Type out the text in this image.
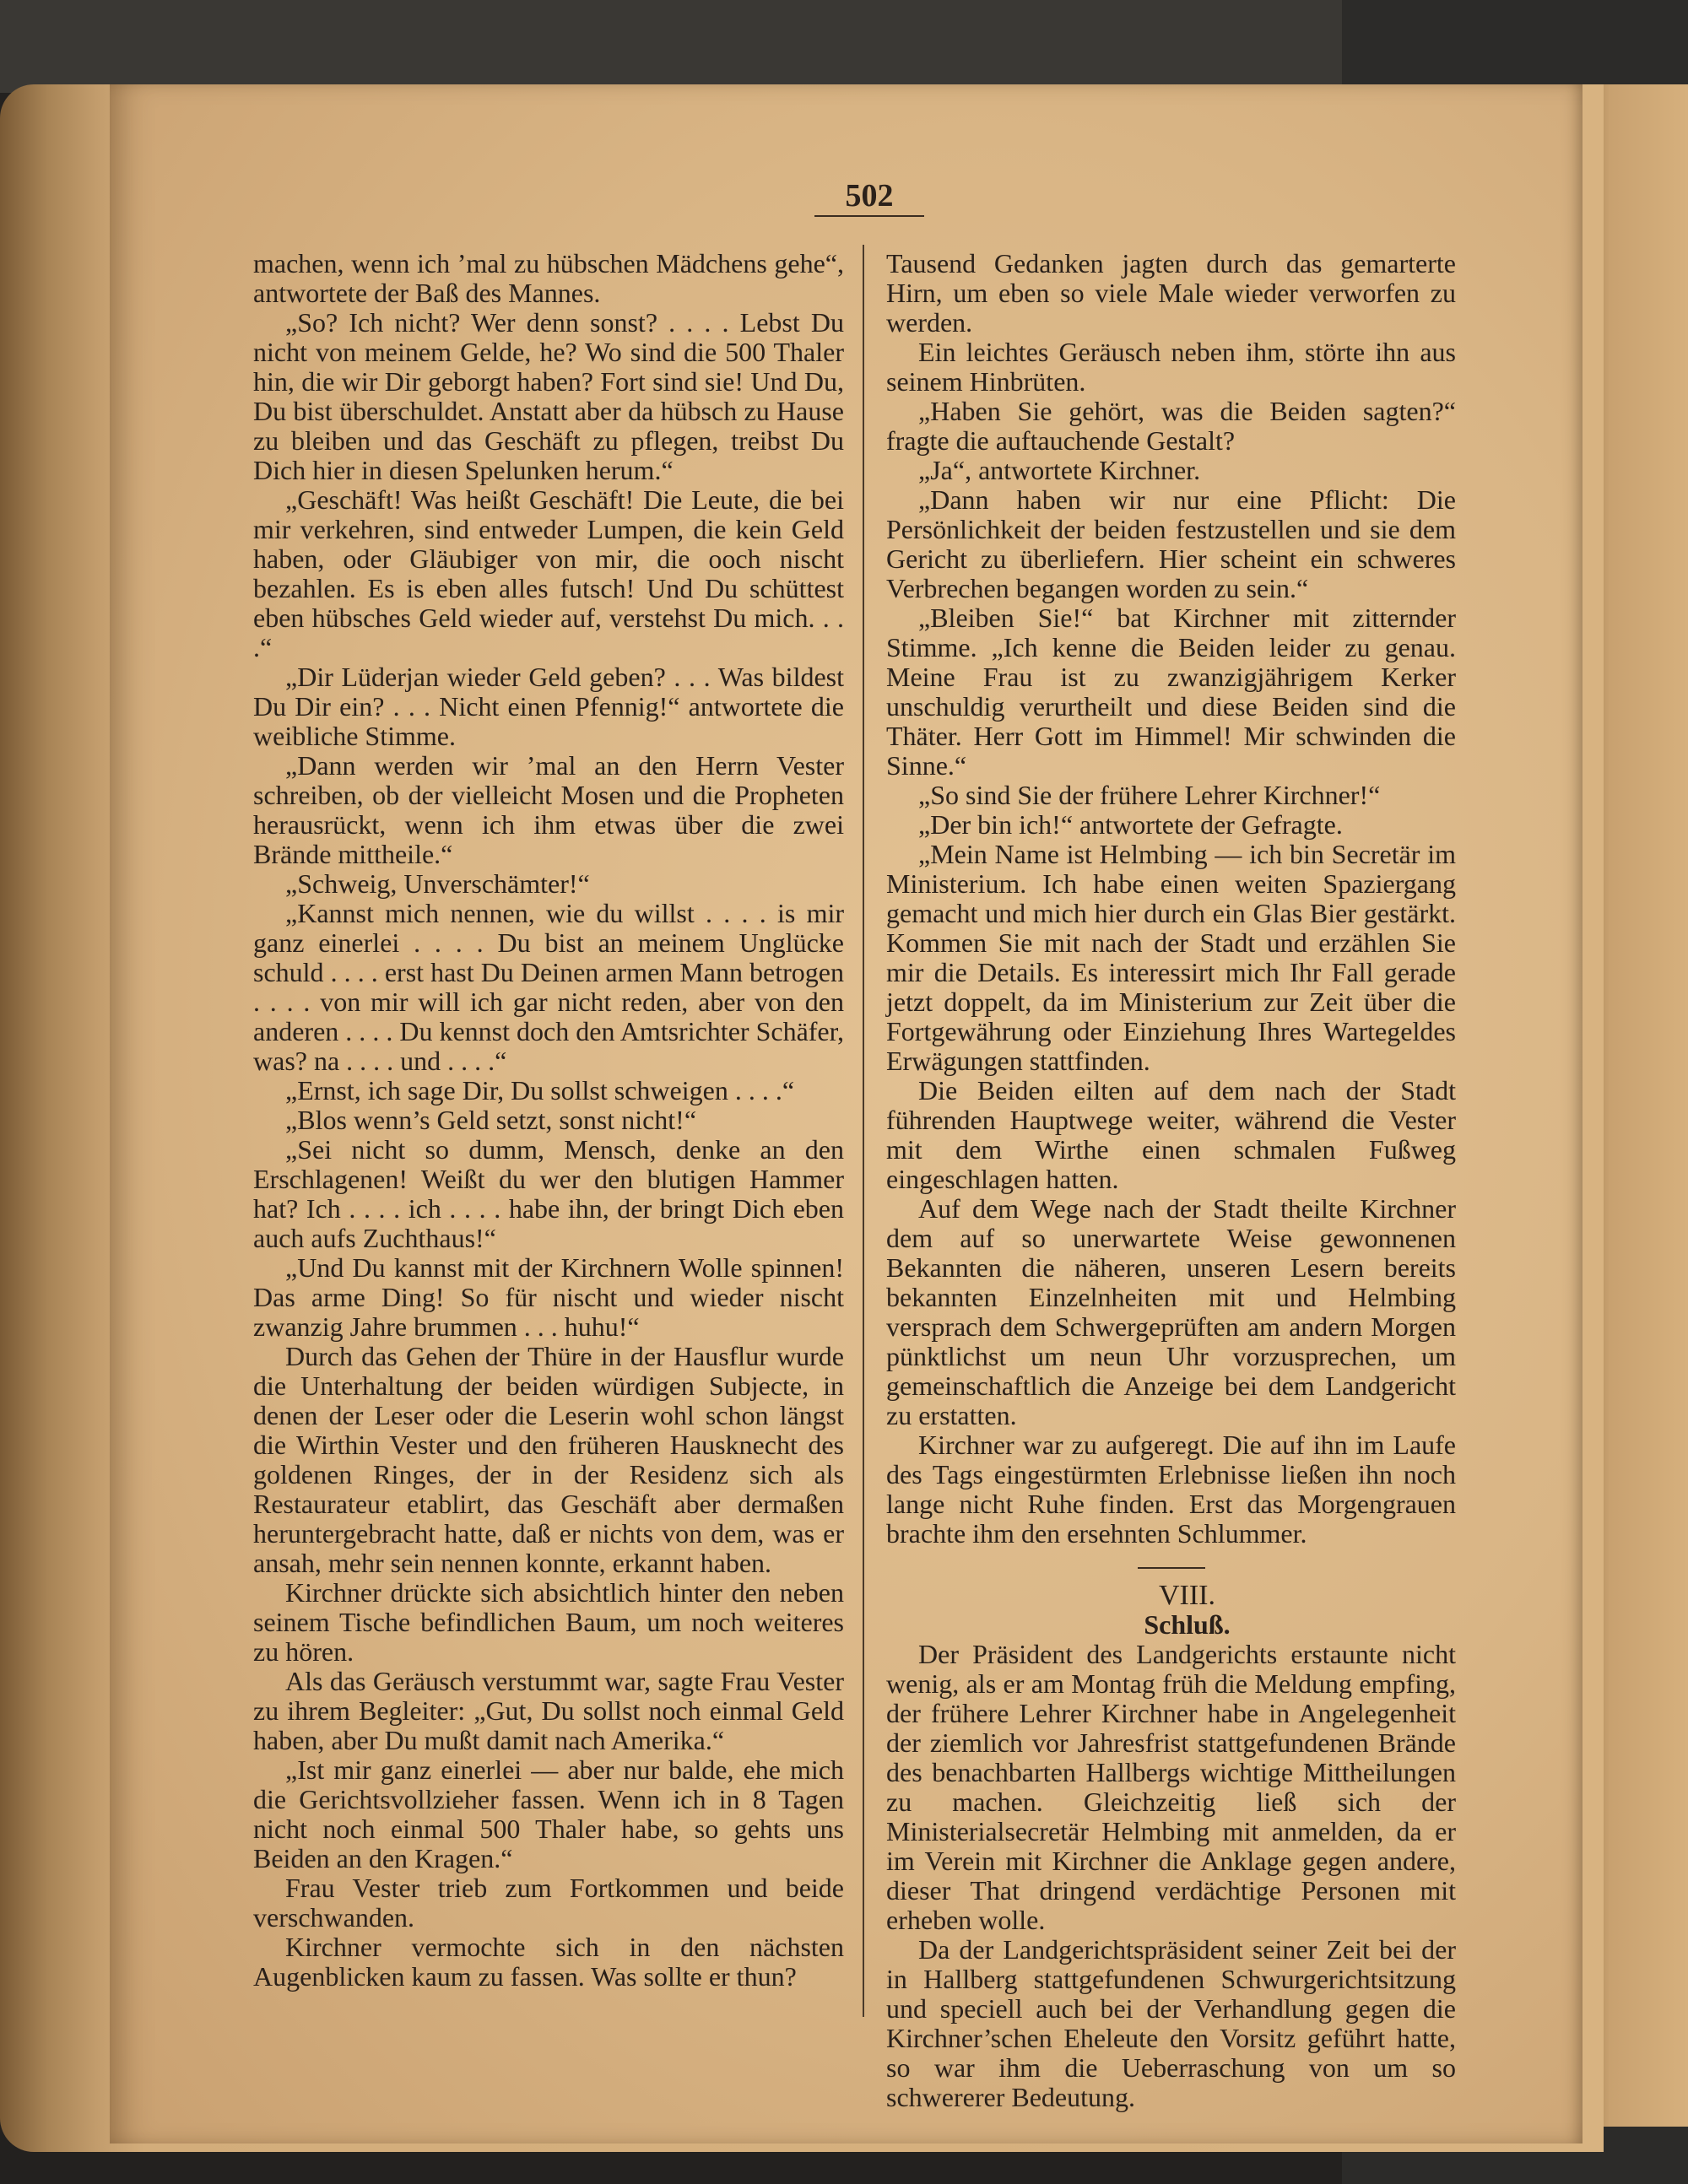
502

machen, wenn ich ’mal zu hübschen Mädchens gehe“, antwortete der Baß des Mannes.

„So? Ich nicht? Wer denn sonst? . . . . Lebst Du nicht von meinem Gelde, he? Wo sind die 500 Thaler hin, die wir Dir geborgt haben? Fort sind sie! Und Du, Du bist überschuldet. Anstatt aber da hübsch zu Hause zu bleiben und das Geschäft zu pflegen, treibst Du Dich hier in diesen Spelunken herum.“

„Geschäft! Was heißt Geschäft! Die Leute, die bei mir verkehren, sind entweder Lumpen, die kein Geld haben, oder Gläubiger von mir, die ooch nischt bezahlen. Es is eben alles futsch! Und Du schüttest eben hübsches Geld wieder auf, verstehst Du mich. . . .“

„Dir Lüderjan wieder Geld geben? . . . Was bildest Du Dir ein? . . . Nicht einen Pfennig!“ antwortete die weibliche Stimme.

„Dann werden wir ’mal an den Herrn Vester schreiben, ob der vielleicht Mosen und die Propheten herausrückt, wenn ich ihm etwas über die zwei Brände mittheile.“

„Schweig, Unverschämter!“

„Kannst mich nennen, wie du willst . . . . is mir ganz einerlei . . . . Du bist an meinem Unglücke schuld . . . . erst hast Du Deinen armen Mann betrogen . . . . von mir will ich gar nicht reden, aber von den anderen . . . . Du kennst doch den Amtsrichter Schäfer, was? na . . . . und . . . .“

„Ernst, ich sage Dir, Du sollst schweigen . . . .“

„Blos wenn’s Geld setzt, sonst nicht!“

„Sei nicht so dumm, Mensch, denke an den Erschlagenen! Weißt du wer den blutigen Hammer hat? Ich . . . . ich . . . . habe ihn, der bringt Dich eben auch aufs Zuchthaus!“

„Und Du kannst mit der Kirchnern Wolle spinnen! Das arme Ding! So für nischt und wieder nischt zwanzig Jahre brummen . . . huhu!“

Durch das Gehen der Thüre in der Hausflur wurde die Unterhaltung der beiden würdigen Subjecte, in denen der Leser oder die Leserin wohl schon längst die Wirthin Vester und den früheren Hausknecht des goldenen Ringes, der in der Residenz sich als Restaurateur etablirt, das Geschäft aber dermaßen heruntergebracht hatte, daß er nichts von dem, was er ansah, mehr sein nennen konnte, erkannt haben.

Kirchner drückte sich absichtlich hinter den neben seinem Tische befindlichen Baum, um noch weiteres zu hören.

Als das Geräusch verstummt war, sagte Frau Vester zu ihrem Begleiter: „Gut, Du sollst noch einmal Geld haben, aber Du mußt damit nach Amerika.“

„Ist mir ganz einerlei — aber nur balde, ehe mich die Gerichtsvollzieher fassen. Wenn ich in 8 Tagen nicht noch einmal 500 Thaler habe, so gehts uns Beiden an den Kragen.“

Frau Vester trieb zum Fortkommen und beide verschwanden.

Kirchner vermochte sich in den nächsten Augenblicken kaum zu fassen. Was sollte er thun?

Tausend Gedanken jagten durch das gemarterte Hirn, um eben so viele Male wieder verworfen zu werden.

Ein leichtes Geräusch neben ihm, störte ihn aus seinem Hinbrüten.

„Haben Sie gehört, was die Beiden sagten?“ fragte die auftauchende Gestalt?

„Ja“, antwortete Kirchner.

„Dann haben wir nur eine Pflicht: Die Persönlichkeit der beiden festzustellen und sie dem Gericht zu überliefern. Hier scheint ein schweres Verbrechen begangen worden zu sein.“

„Bleiben Sie!“ bat Kirchner mit zitternder Stimme. „Ich kenne die Beiden leider zu genau. Meine Frau ist zu zwanzigjährigem Kerker unschuldig verurtheilt und diese Beiden sind die Thäter. Herr Gott im Himmel! Mir schwinden die Sinne.“

„So sind Sie der frühere Lehrer Kirchner!“

„Der bin ich!“ antwortete der Gefragte.

„Mein Name ist Helmbing — ich bin Secretär im Ministerium. Ich habe einen weiten Spaziergang gemacht und mich hier durch ein Glas Bier gestärkt. Kommen Sie mit nach der Stadt und erzählen Sie mir die Details. Es interessirt mich Ihr Fall gerade jetzt doppelt, da im Ministerium zur Zeit über die Fortgewährung oder Einziehung Ihres Wartegeldes Erwägungen stattfinden.

Die Beiden eilten auf dem nach der Stadt führenden Hauptwege weiter, während die Vester mit dem Wirthe einen schmalen Fußweg eingeschlagen hatten.

Auf dem Wege nach der Stadt theilte Kirchner dem auf so unerwartete Weise gewonnenen Bekannten die näheren, unseren Lesern bereits bekannten Einzelnheiten mit und Helmbing versprach dem Schwergeprüften am andern Morgen pünktlichst um neun Uhr vorzusprechen, um gemeinschaftlich die Anzeige bei dem Landgericht zu erstatten.

Kirchner war zu aufgeregt. Die auf ihn im Laufe des Tags eingestürmten Erlebnisse ließen ihn noch lange nicht Ruhe finden. Erst das Morgengrauen brachte ihm den ersehnten Schlummer.

VIII.

Schluß.

Der Präsident des Landgerichts erstaunte nicht wenig, als er am Montag früh die Meldung empfing, der frühere Lehrer Kirchner habe in Angelegenheit der ziemlich vor Jahresfrist stattgefundenen Brände des benachbarten Hallbergs wichtige Mittheilungen zu machen. Gleichzeitig ließ sich der Ministerialsecretär Helmbing mit anmelden, da er im Verein mit Kirchner die Anklage gegen andere, dieser That dringend verdächtige Personen mit erheben wolle.

Da der Landgerichtspräsident seiner Zeit bei der in Hallberg stattgefundenen Schwurgerichtsitzung und speciell auch bei der Verhandlung gegen die Kirchner’schen Eheleute den Vorsitz geführt hatte, so war ihm die Ueberraschung von um so schwererer Bedeutung.
